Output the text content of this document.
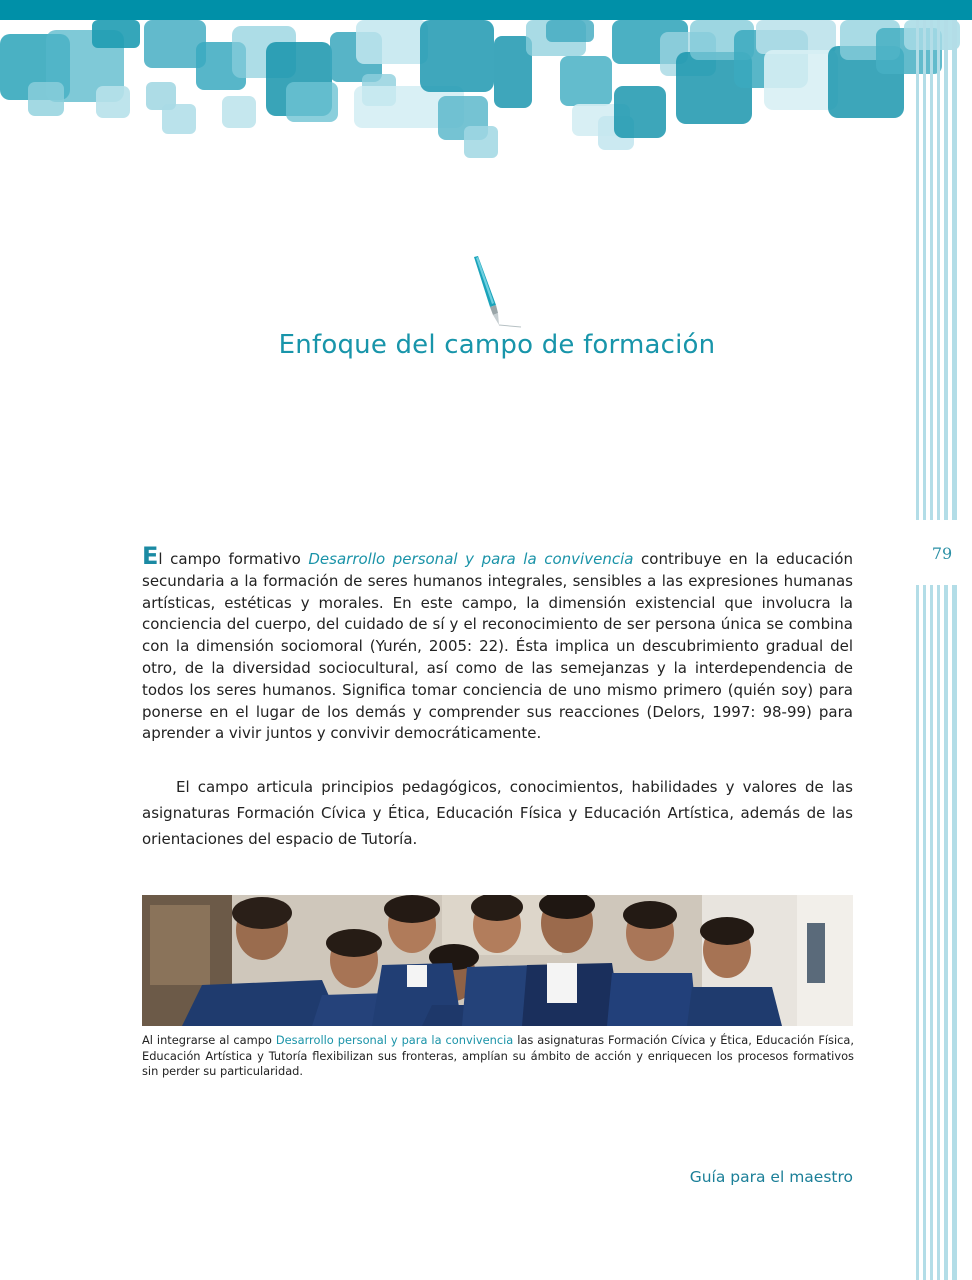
79
Enfoque del campo de formación

El campo formativo Desarrollo personal y para la convivencia contribuye en la educación secundaria a la formación de seres humanos integrales, sensibles a las expresiones humanas artísticas, estéticas y morales. En este campo, la dimensión existencial que involucra la conciencia del cuerpo, del cuidado de sí y el reconocimiento de ser persona única se combina con la dimensión sociomoral (Yurén, 2005: 22). Ésta implica un descubrimiento gradual del otro, de la diversidad sociocultural, así como de las semejanzas y la interdependencia de todos los seres humanos. Significa tomar conciencia de uno mismo primero (quién soy) para ponerse en el lugar de los demás y comprender sus reacciones (Delors, 1997: 98-99) para aprender a vivir juntos y convivir democráticamente.

El campo articula principios pedagógicos, conocimientos, habilidades y valores de las asignaturas Formación Cívica y Ética, Educación Física y Educación Artística, además de las orientaciones del espacio de Tutoría.

Al integrarse al campo Desarrollo personal y para la convivencia las asignaturas Formación Cívica y Ética, Educación Física, Educación Artística y Tutoría flexibilizan sus fronteras, amplían su ámbito de acción y enriquecen los procesos formativos sin perder su particularidad.

Guía para el maestro
